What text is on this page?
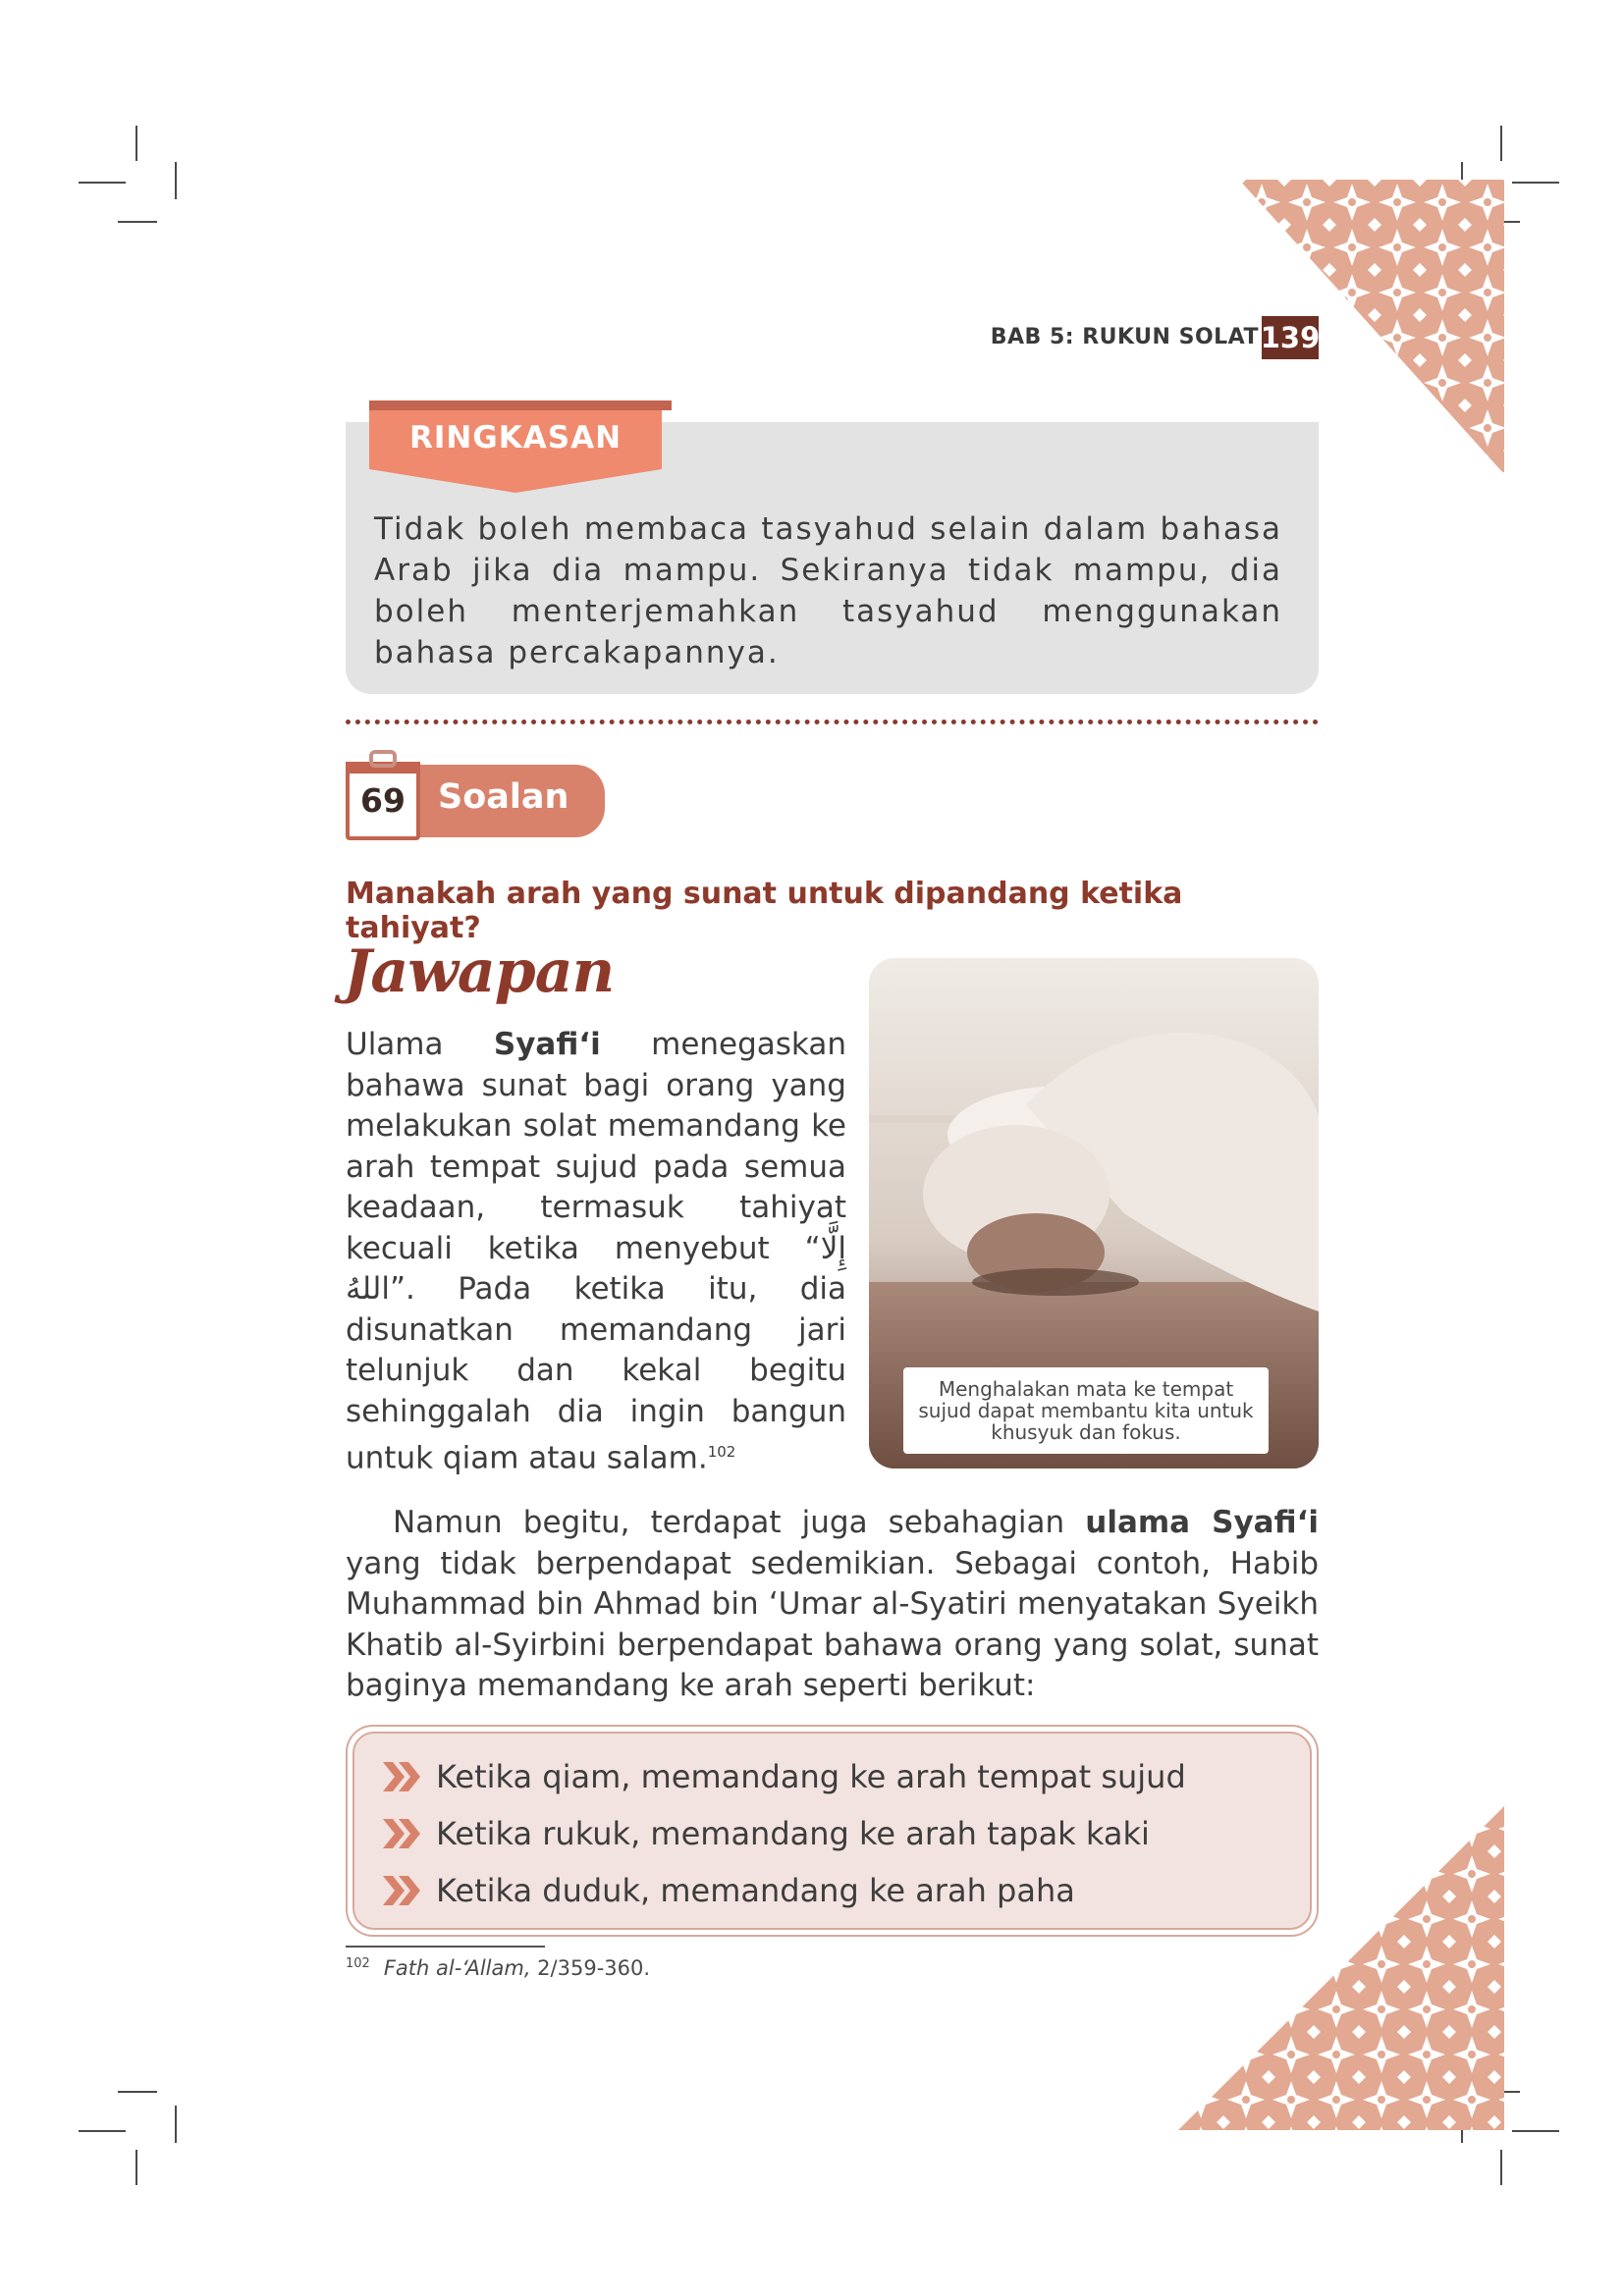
BAB 5: RUKUN SOLAT 139
RINGKASAN
Tidak boleh membaca tasyahud selain dalam bahasa Arab jika dia mampu. Sekiranya tidak mampu, dia boleh menterjemahkan tasyahud menggunakan bahasa percakapannya.
Soalan
69
Manakah arah yang sunat untuk dipandang ketika tahiyat?
Jawapan
Ulama Syafi‘i menegaskan bahawa sunat bagi orang yang melakukan solat memandang ke arah tempat sujud pada semua keadaan, termasuk tahiyat kecuali ketika menyebut “إِلَّا اللهُ”. Pada ketika itu, dia disunatkan memandang jari telunjuk dan kekal begitu sehinggalah dia ingin bangun untuk qiam atau salam.$^{102}$
Menghalakan mata ke tempat sujud dapat membantu kita untuk khusyuk dan fokus.
Namun begitu, terdapat juga sebahagian ulama Syafi‘i yang tidak berpendapat sedemikian. Sebagai contoh, Habib Muhammad bin Ahmad bin ‘Umar al-Syatiri menyatakan Syeikh Khatib al-Syirbini berpendapat bahawa orang yang solat, sunat baginya memandang ke arah seperti berikut:
Ketika qiam, memandang ke arah tempat sujud
Ketika rukuk, memandang ke arah tapak kaki
Ketika duduk, memandang ke arah paha
$^{102}$ Fath al-‘Allam, 2/359-360.
